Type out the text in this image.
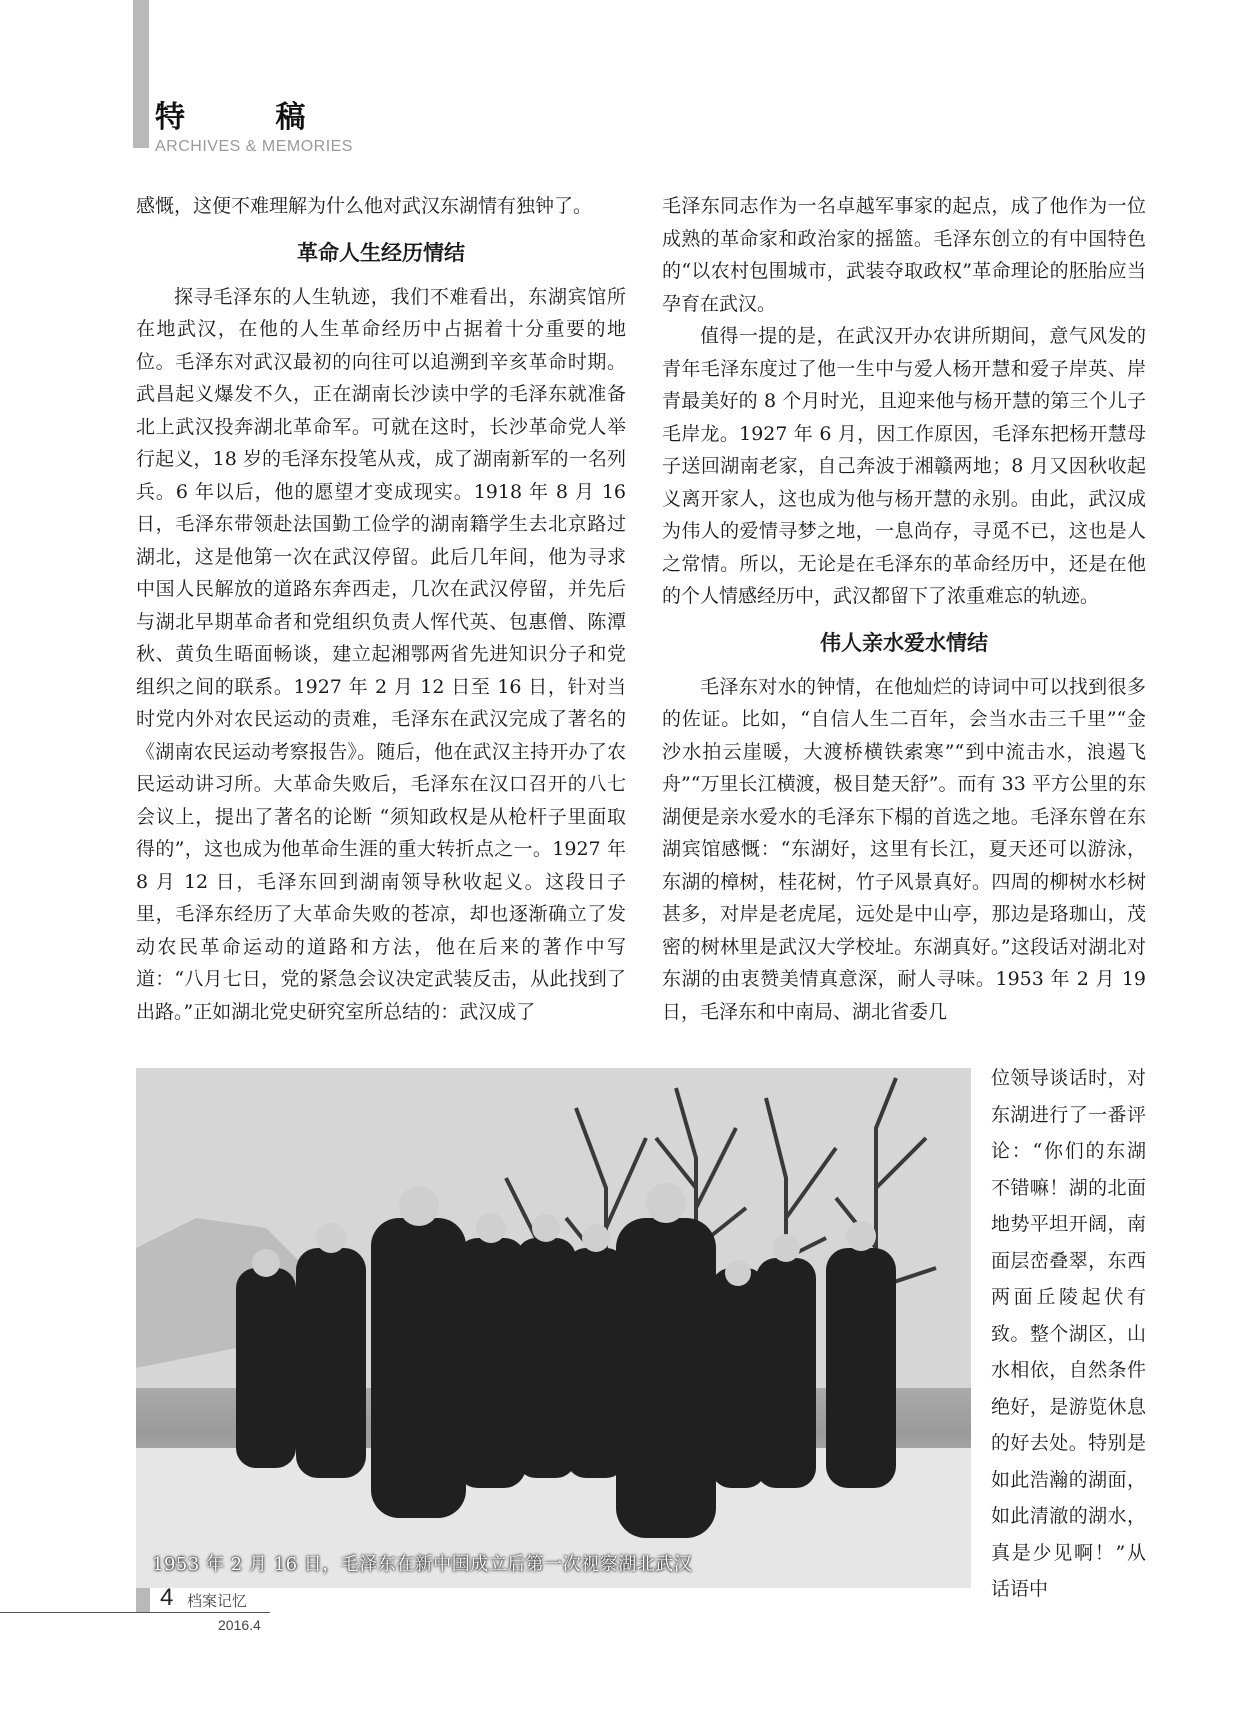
特 稿
ARCHIVES & MEMORIES

感慨，这便不难理解为什么他对武汉东湖情有独钟了。

革命人生经历情结

探寻毛泽东的人生轨迹，我们不难看出，东湖宾馆所在地武汉，在他的人生革命经历中占据着十分重要的地位。毛泽东对武汉最初的向往可以追溯到辛亥革命时期。武昌起义爆发不久，正在湖南长沙读中学的毛泽东就准备北上武汉投奔湖北革命军。可就在这时，长沙革命党人举行起义，18 岁的毛泽东投笔从戎，成了湖南新军的一名列兵。6 年以后，他的愿望才变成现实。1918 年 8 月 16 日，毛泽东带领赴法国勤工俭学的湖南籍学生去北京路过湖北，这是他第一次在武汉停留。此后几年间，他为寻求中国人民解放的道路东奔西走，几次在武汉停留，并先后与湖北早期革命者和党组织负责人恽代英、包惠僧、陈潭秋、黄负生晤面畅谈，建立起湘鄂两省先进知识分子和党组织之间的联系。1927 年 2 月 12 日至 16 日，针对当时党内外对农民运动的责难，毛泽东在武汉完成了著名的《湖南农民运动考察报告》。随后，他在武汉主持开办了农民运动讲习所。大革命失败后，毛泽东在汉口召开的八七会议上，提出了著名的论断 “须知政权是从枪杆子里面取得的”，这也成为他革命生涯的重大转折点之一。1927 年 8 月 12 日，毛泽东回到湖南领导秋收起义。这段日子里，毛泽东经历了大革命失败的苍凉，却也逐渐确立了发动农民革命运动的道路和方法，他在后来的著作中写道：“八月七日，党的紧急会议决定武装反击，从此找到了出路。”正如湖北党史研究室所总结的：武汉成了

毛泽东同志作为一名卓越军事家的起点，成了他作为一位成熟的革命家和政治家的摇篮。毛泽东创立的有中国特色的“以农村包围城市，武装夺取政权”革命理论的胚胎应当孕育在武汉。

值得一提的是，在武汉开办农讲所期间，意气风发的青年毛泽东度过了他一生中与爱人杨开慧和爱子岸英、岸青最美好的 8 个月时光，且迎来他与杨开慧的第三个儿子毛岸龙。1927 年 6 月，因工作原因，毛泽东把杨开慧母子送回湖南老家，自己奔波于湘赣两地；8 月又因秋收起义离开家人，这也成为他与杨开慧的永别。由此，武汉成为伟人的爱情寻梦之地，一息尚存，寻觅不已，这也是人之常情。所以，无论是在毛泽东的革命经历中，还是在他的个人情感经历中，武汉都留下了浓重难忘的轨迹。

伟人亲水爱水情结

毛泽东对水的钟情，在他灿烂的诗词中可以找到很多的佐证。比如，“自信人生二百年，会当水击三千里”“金沙水拍云崖暖，大渡桥横铁索寒”“到中流击水，浪遏飞舟”“万里长江横渡，极目楚天舒”。而有 33 平方公里的东湖便是亲水爱水的毛泽东下榻的首选之地。毛泽东曾在东湖宾馆感慨：“东湖好，这里有长江，夏天还可以游泳，东湖的樟树，桂花树，竹子风景真好。四周的柳树水杉树甚多，对岸是老虎尾，远处是中山亭，那边是珞珈山，茂密的树林里是武汉大学校址。东湖真好。”这段话对湖北对东湖的由衷赞美情真意深，耐人寻味。1953 年 2 月 19 日，毛泽东和中南局、湖北省委几

位领导谈话时，对东湖进行了一番评论：“你们的东湖不错嘛！湖的北面地势平坦开阔，南面层峦叠翠，东西两面丘陵起伏有致。整个湖区，山水相依，自然条件绝好，是游览休息的好去处。特别是如此浩瀚的湖面，如此清澈的湖水，真是少见啊！”从话语中

1953 年 2 月 16 日，毛泽东在新中国成立后第一次视察湖北武汉
4 档案记忆
2016.4
